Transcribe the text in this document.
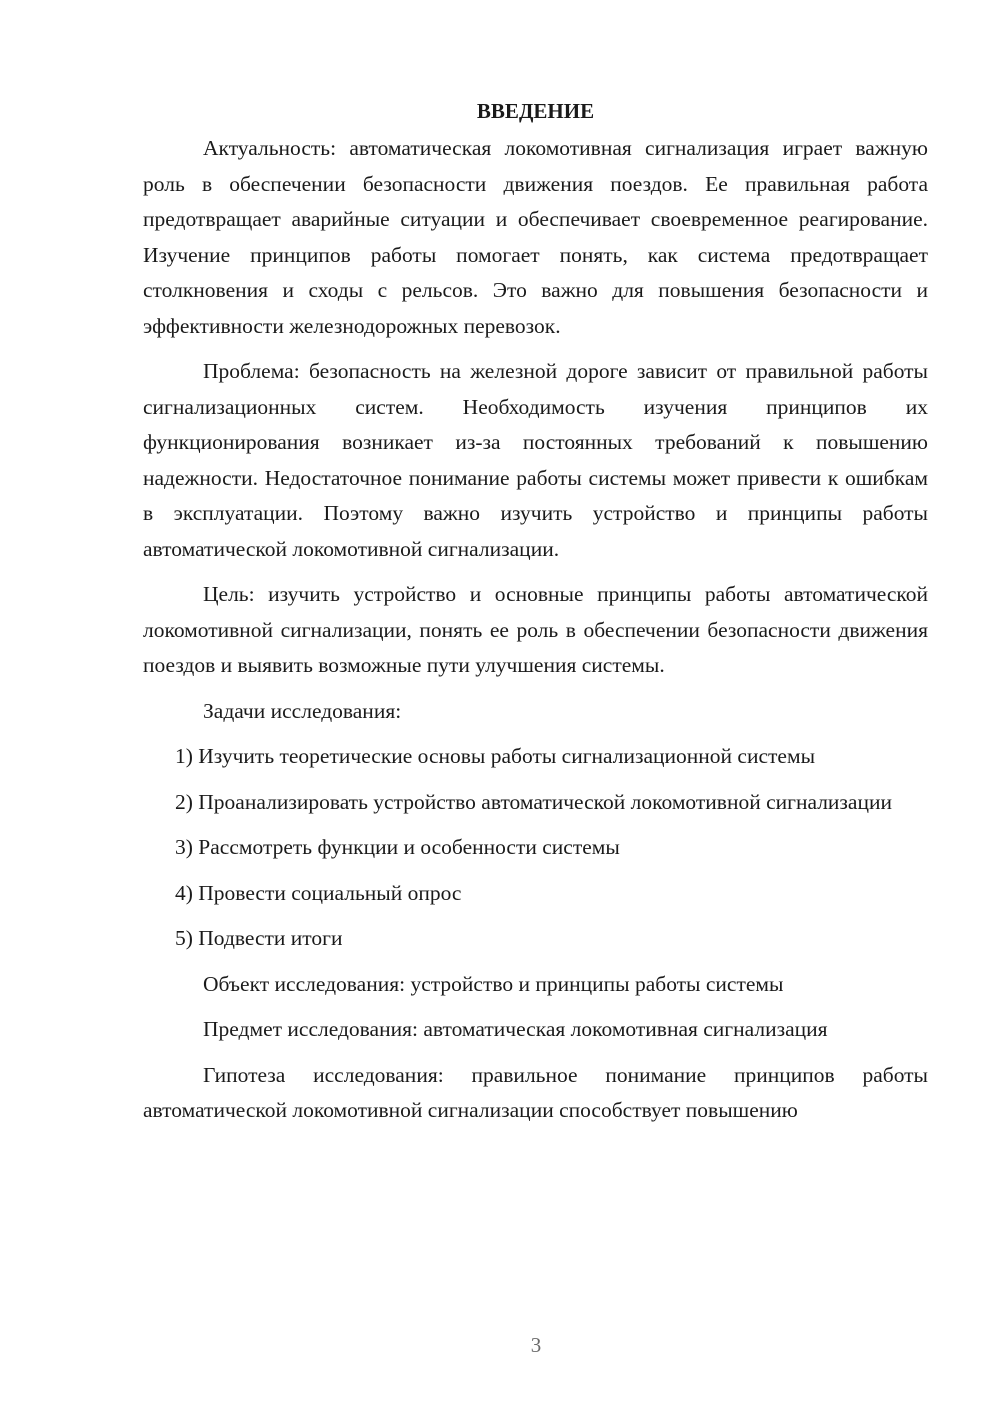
ВВЕДЕНИЕ

Актуальность: автоматическая локомотивная сигнализация играет важную роль в обеспечении безопасности движения поездов. Ее правильная работа предотвращает аварийные ситуации и обеспечивает своевременное реагирование. Изучение принципов работы помогает понять, как система предотвращает столкновения и сходы с рельсов. Это важно для повышения безопасности и эффективности железнодорожных перевозок.

Проблема: безопасность на железной дороге зависит от правильной работы сигнализационных систем. Необходимость изучения принципов их функционирования возникает из-за постоянных требований к повышению надежности. Недостаточное понимание работы системы может привести к ошибкам в эксплуатации. Поэтому важно изучить устройство и принципы работы автоматической локомотивной сигнализации.

Цель: изучить устройство и основные принципы работы автоматической локомотивной сигнализации, понять ее роль в обеспечении безопасности движения поездов и выявить возможные пути улучшения системы.

Задачи исследования:

1) Изучить теоретические основы работы сигнализационной системы

2) Проанализировать устройство автоматической локомотивной сигнализации

3) Рассмотреть функции и особенности системы

4) Провести социальный опрос

5) Подвести итоги

Объект исследования: устройство и принципы работы системы

Предмет исследования: автоматическая локомотивная сигнализация

Гипотеза исследования: правильное понимание принципов работы автоматической локомотивной сигнализации способствует повышению

3
